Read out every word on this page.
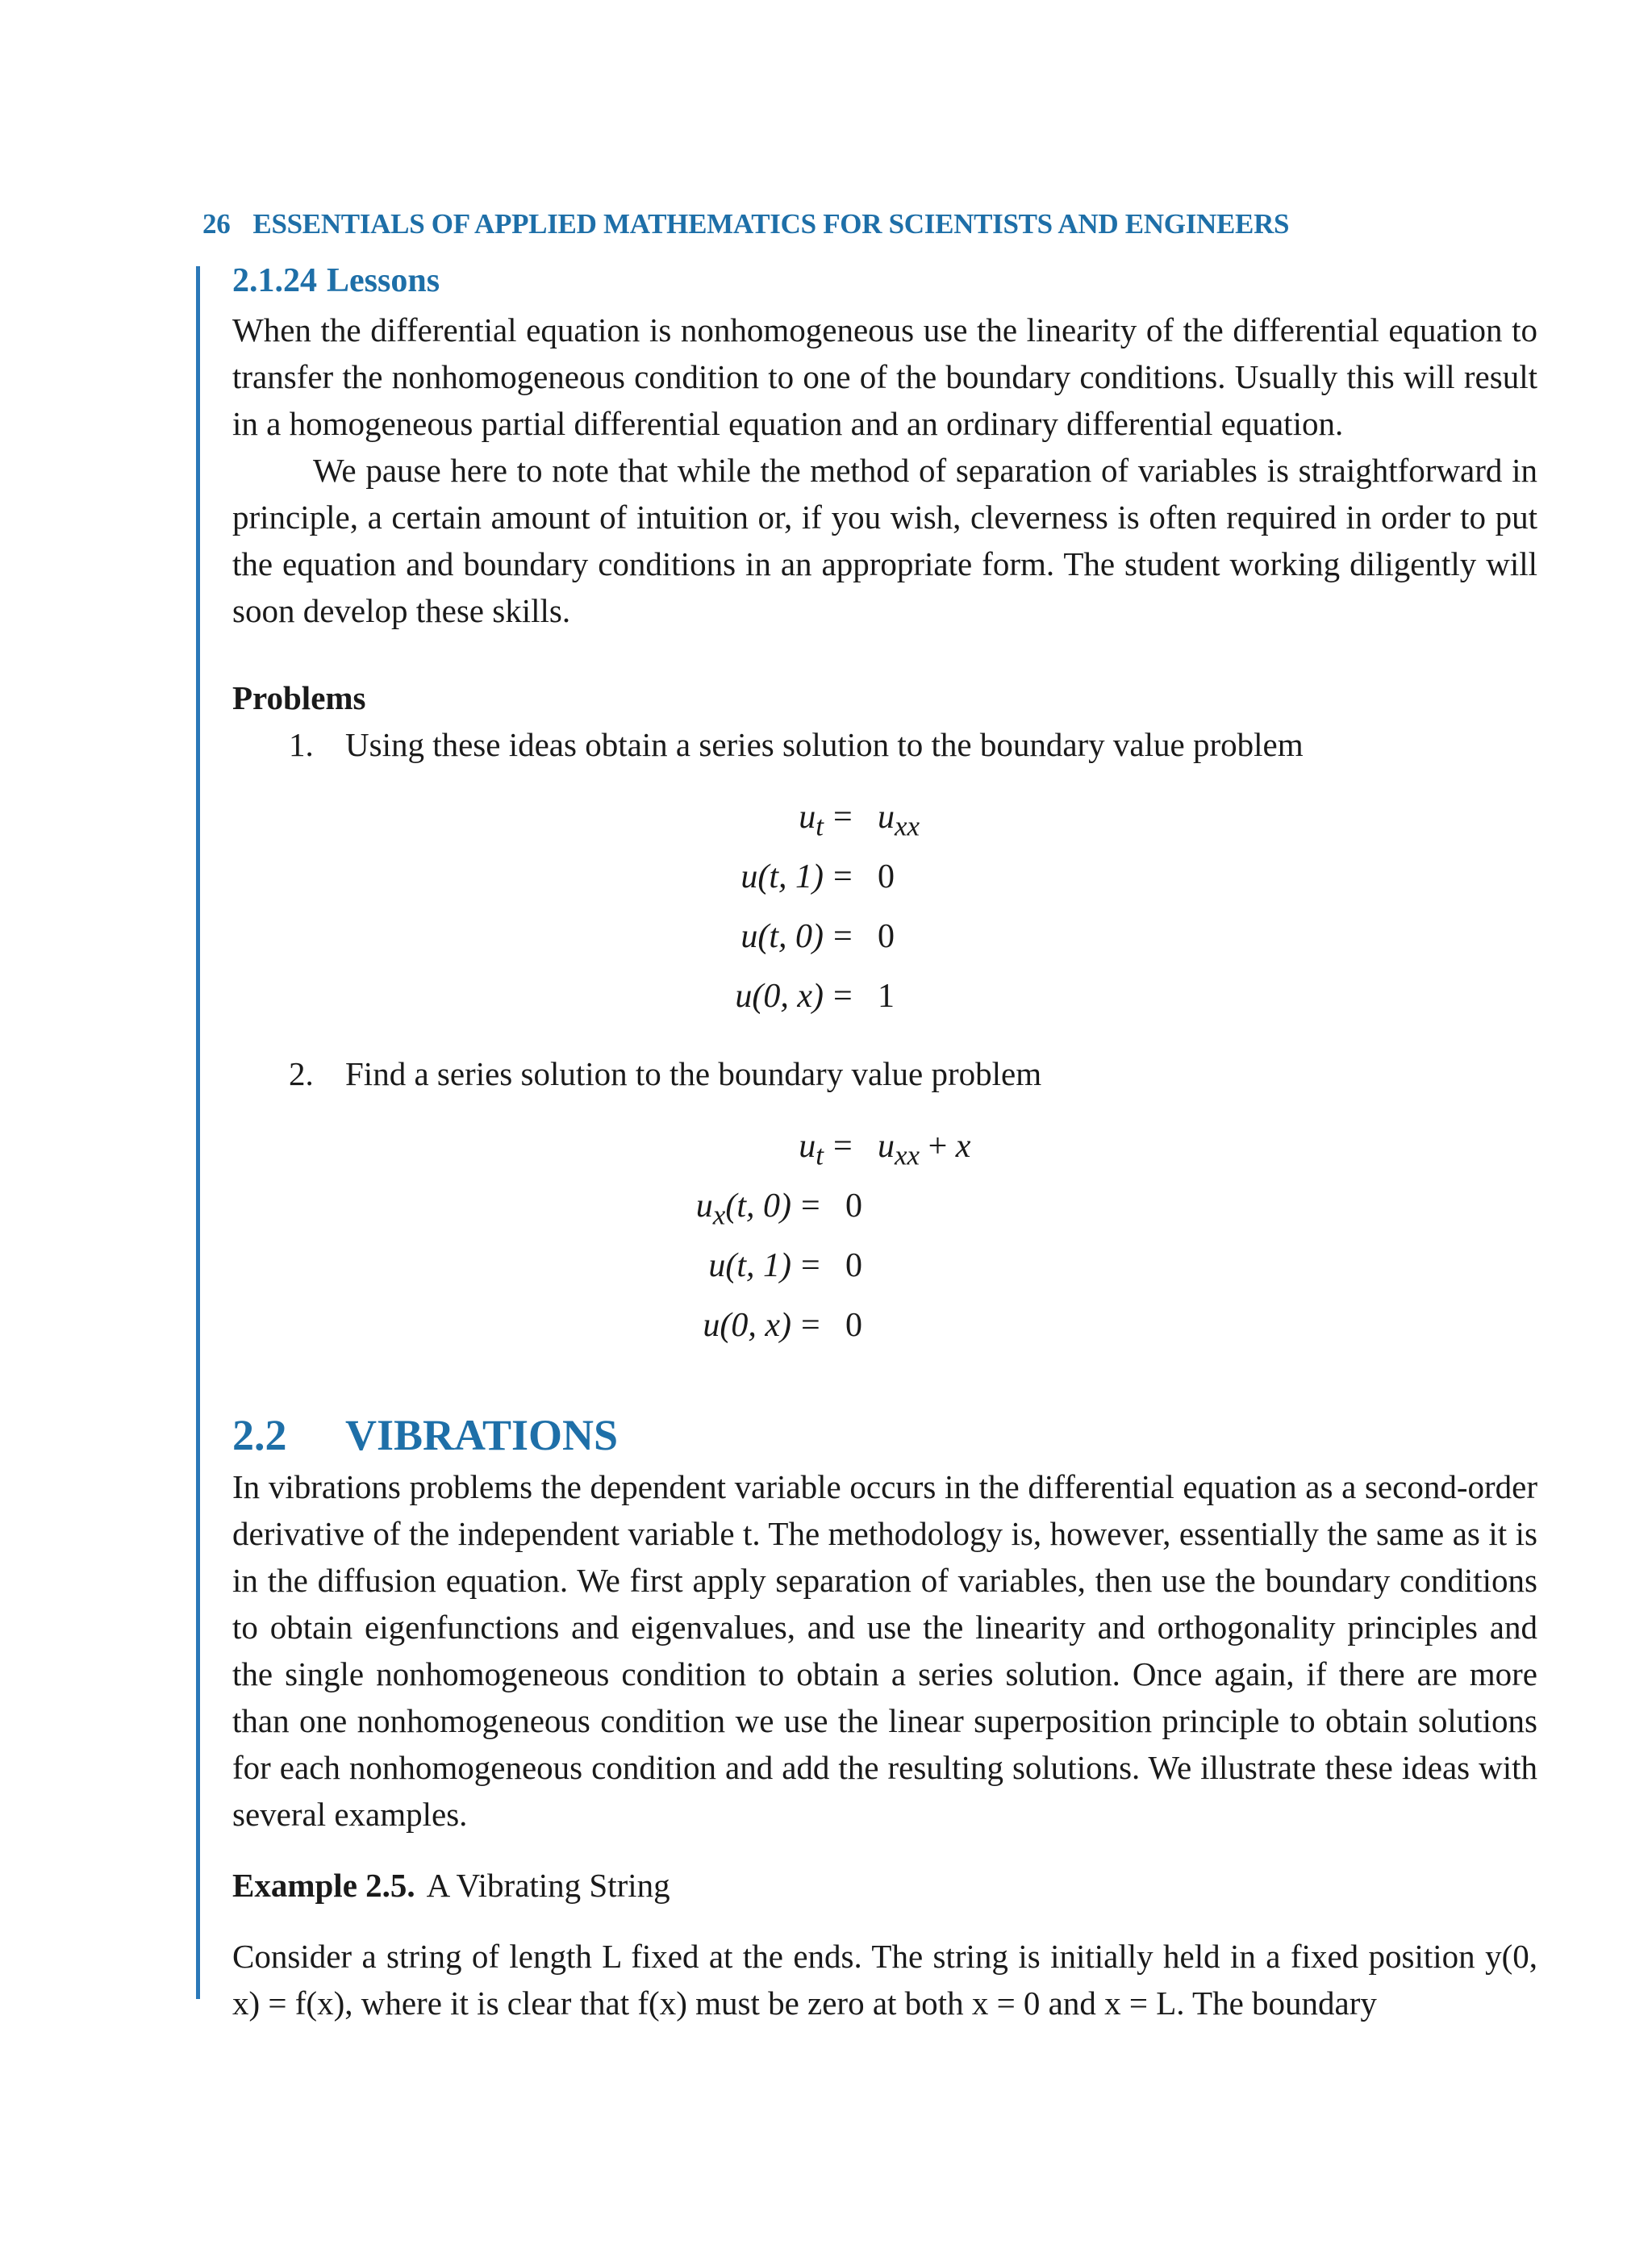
26 ESSENTIALS OF APPLIED MATHEMATICS FOR SCIENTISTS AND ENGINEERS
2.1.24 Lessons

When the differential equation is nonhomogeneous use the linearity of the differential equation to transfer the nonhomogeneous condition to one of the boundary conditions. Usually this will result in a homogeneous partial differential equation and an ordinary differential equation.

We pause here to note that while the method of separation of variables is straightforward in principle, a certain amount of intuition or, if you wish, cleverness is often required in order to put the equation and boundary conditions in an appropriate form. The student working diligently will soon develop these skills.

Problems
1. Using these ideas obtain a series solution to the boundary value problem
$u_t = u_{xx}$
u(t, 1) = 0
u(t, 0) = 0
u(0, x) = 1
2. Find a series solution to the boundary value problem
$u_t = u_{xx} + x$
$u_x(t$, 0) = 0
u(t, 1) = 0
u(0, x) = 0
2.2 VIBRATIONS

In vibrations problems the dependent variable occurs in the differential equation as a second-order derivative of the independent variable t. The methodology is, however, essentially the same as it is in the diffusion equation. We first apply separation of variables, then use the boundary conditions to obtain eigenfunctions and eigenvalues, and use the linearity and orthogonality principles and the single nonhomogeneous condition to obtain a series solution. Once again, if there are more than one nonhomogeneous condition we use the linear superposition principle to obtain solutions for each nonhomogeneous condition and add the resulting solutions. We illustrate these ideas with several examples.

Example 2.5. A Vibrating String

Consider a string of length L fixed at the ends. The string is initially held in a fixed position y(0, x) = f(x), where it is clear that f(x) must be zero at both x = 0 and x = L. The boundary
